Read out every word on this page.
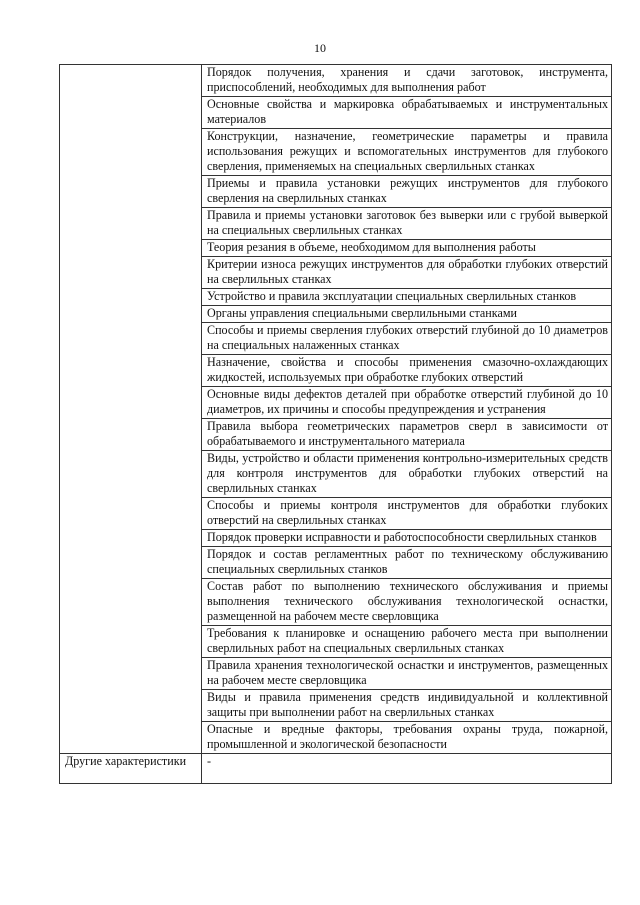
10
	Порядок получения, хранения и сдачи заготовок, инструмента, приспособлений, необходимых для выполнения работ
	Основные свойства и маркировка обрабатываемых и инструментальных материалов
	Конструкции, назначение, геометрические параметры и правила использования режущих и вспомогательных инструментов для глубокого сверления, применяемых на специальных сверлильных станках
	Приемы и правила установки режущих инструментов для глубокого сверления на сверлильных станках
	Правила и приемы установки заготовок без выверки или с грубой выверкой на специальных сверлильных станках
	Теория резания в объеме, необходимом для выполнения работы
	Критерии износа режущих инструментов для обработки глубоких отверстий на сверлильных станках
	Устройство и правила эксплуатации специальных сверлильных станков
	Органы управления специальными сверлильными станками
	Способы и приемы сверления глубоких отверстий глубиной до 10 диаметров на специальных налаженных станках
	Назначение, свойства и способы применения смазочно-охлаждающих жидкостей, используемых при обработке глубоких отверстий
	Основные виды дефектов деталей при обработке отверстий глубиной до 10 диаметров, их причины и способы предупреждения и устранения
	Правила выбора геометрических параметров сверл в зависимости от обрабатываемого и инструментального материала
	Виды, устройство и области применения контрольно-измерительных средств для контроля инструментов для обработки глубоких отверстий на сверлильных станках
	Способы и приемы контроля инструментов для обработки глубоких отверстий на сверлильных станках
	Порядок проверки исправности и работоспособности сверлильных станков
	Порядок и состав регламентных работ по техническому обслуживанию специальных сверлильных станков
	Состав работ по выполнению технического обслуживания и приемы выполнения технического обслуживания технологической оснастки, размещенной на рабочем месте сверловщика
	Требования к планировке и оснащению рабочего места при выполнении сверлильных работ на специальных сверлильных станках
	Правила хранения технологической оснастки и инструментов, размещенных на рабочем месте сверловщика
	Виды и правила применения средств индивидуальной и коллективной защиты при выполнении работ на сверлильных станках
	Опасные и вредные факторы, требования охраны труда, пожарной, промышленной и экологической безопасности
Другие характеристики	-
